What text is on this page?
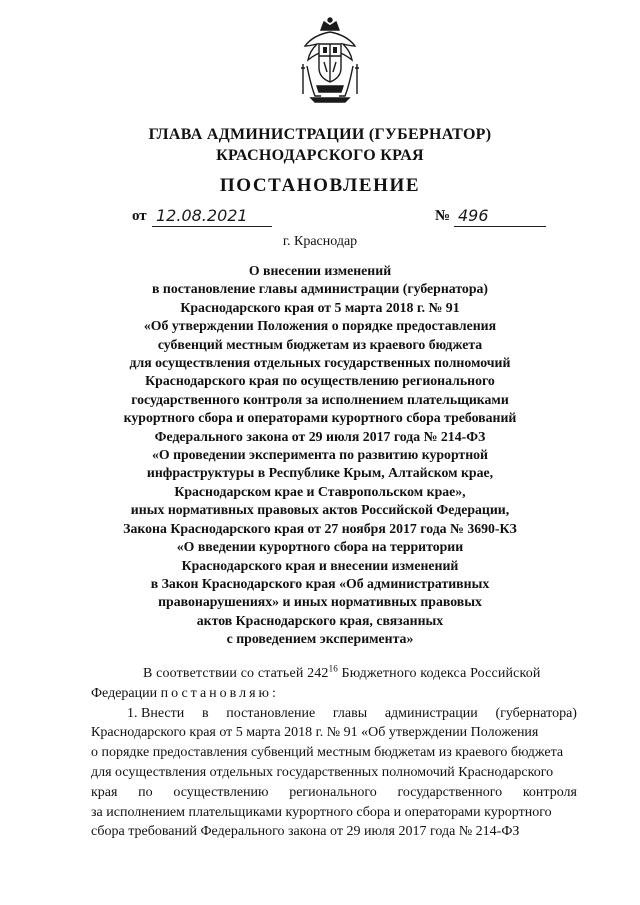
ГЛАВА АДМИНИСТРАЦИИ (ГУБЕРНАТОР)
КРАСНОДАРСКОГО КРАЯ
ПОСТАНОВЛЕНИЕ
от 12.08.2021	№ 496
г. Краснодар
О внесении изменений
в постановление главы администрации (губернатора)
Краснодарского края от 5 марта 2018 г. № 91
«Об утверждении Положения о порядке предоставления
субвенций местным бюджетам из краевого бюджета
для осуществления отдельных государственных полномочий
Краснодарского края по осуществлению регионального
государственного контроля за исполнением плательщиками
курортного сбора и операторами курортного сбора требований
Федерального закона от 29 июля 2017 года № 214-ФЗ
«О проведении эксперимента по развитию курортной
инфраструктуры в Республике Крым, Алтайском крае,
Краснодарском крае и Ставропольском крае»,
иных нормативных правовых актов Российской Федерации,
Закона Краснодарского края от 27 ноября 2017 года № 3690-КЗ
«О введении курортного сбора на территории
Краснодарского края и внесении изменений
в Закон Краснодарского края «Об административных
правонарушениях» и иных нормативных правовых
актов Краснодарского края, связанных
с проведением эксперимента»

В соответствии со статьей $242^{16}$ Бюджетного кодекса Российской

Федерации постановляю:

1. Внести в постановление главы администрации (губернатора)

Краснодарского края от 5 марта 2018 г. № 91 «Об утверждении Положения

о порядке предоставления субвенций местным бюджетам из краевого бюджета

для осуществления отдельных государственных полномочий Краснодарского

края по осуществлению регионального государственного контроля

за исполнением плательщиками курортного сбора и операторами курортного

сбора требований Федерального закона от 29 июля 2017 года № 214-ФЗ
